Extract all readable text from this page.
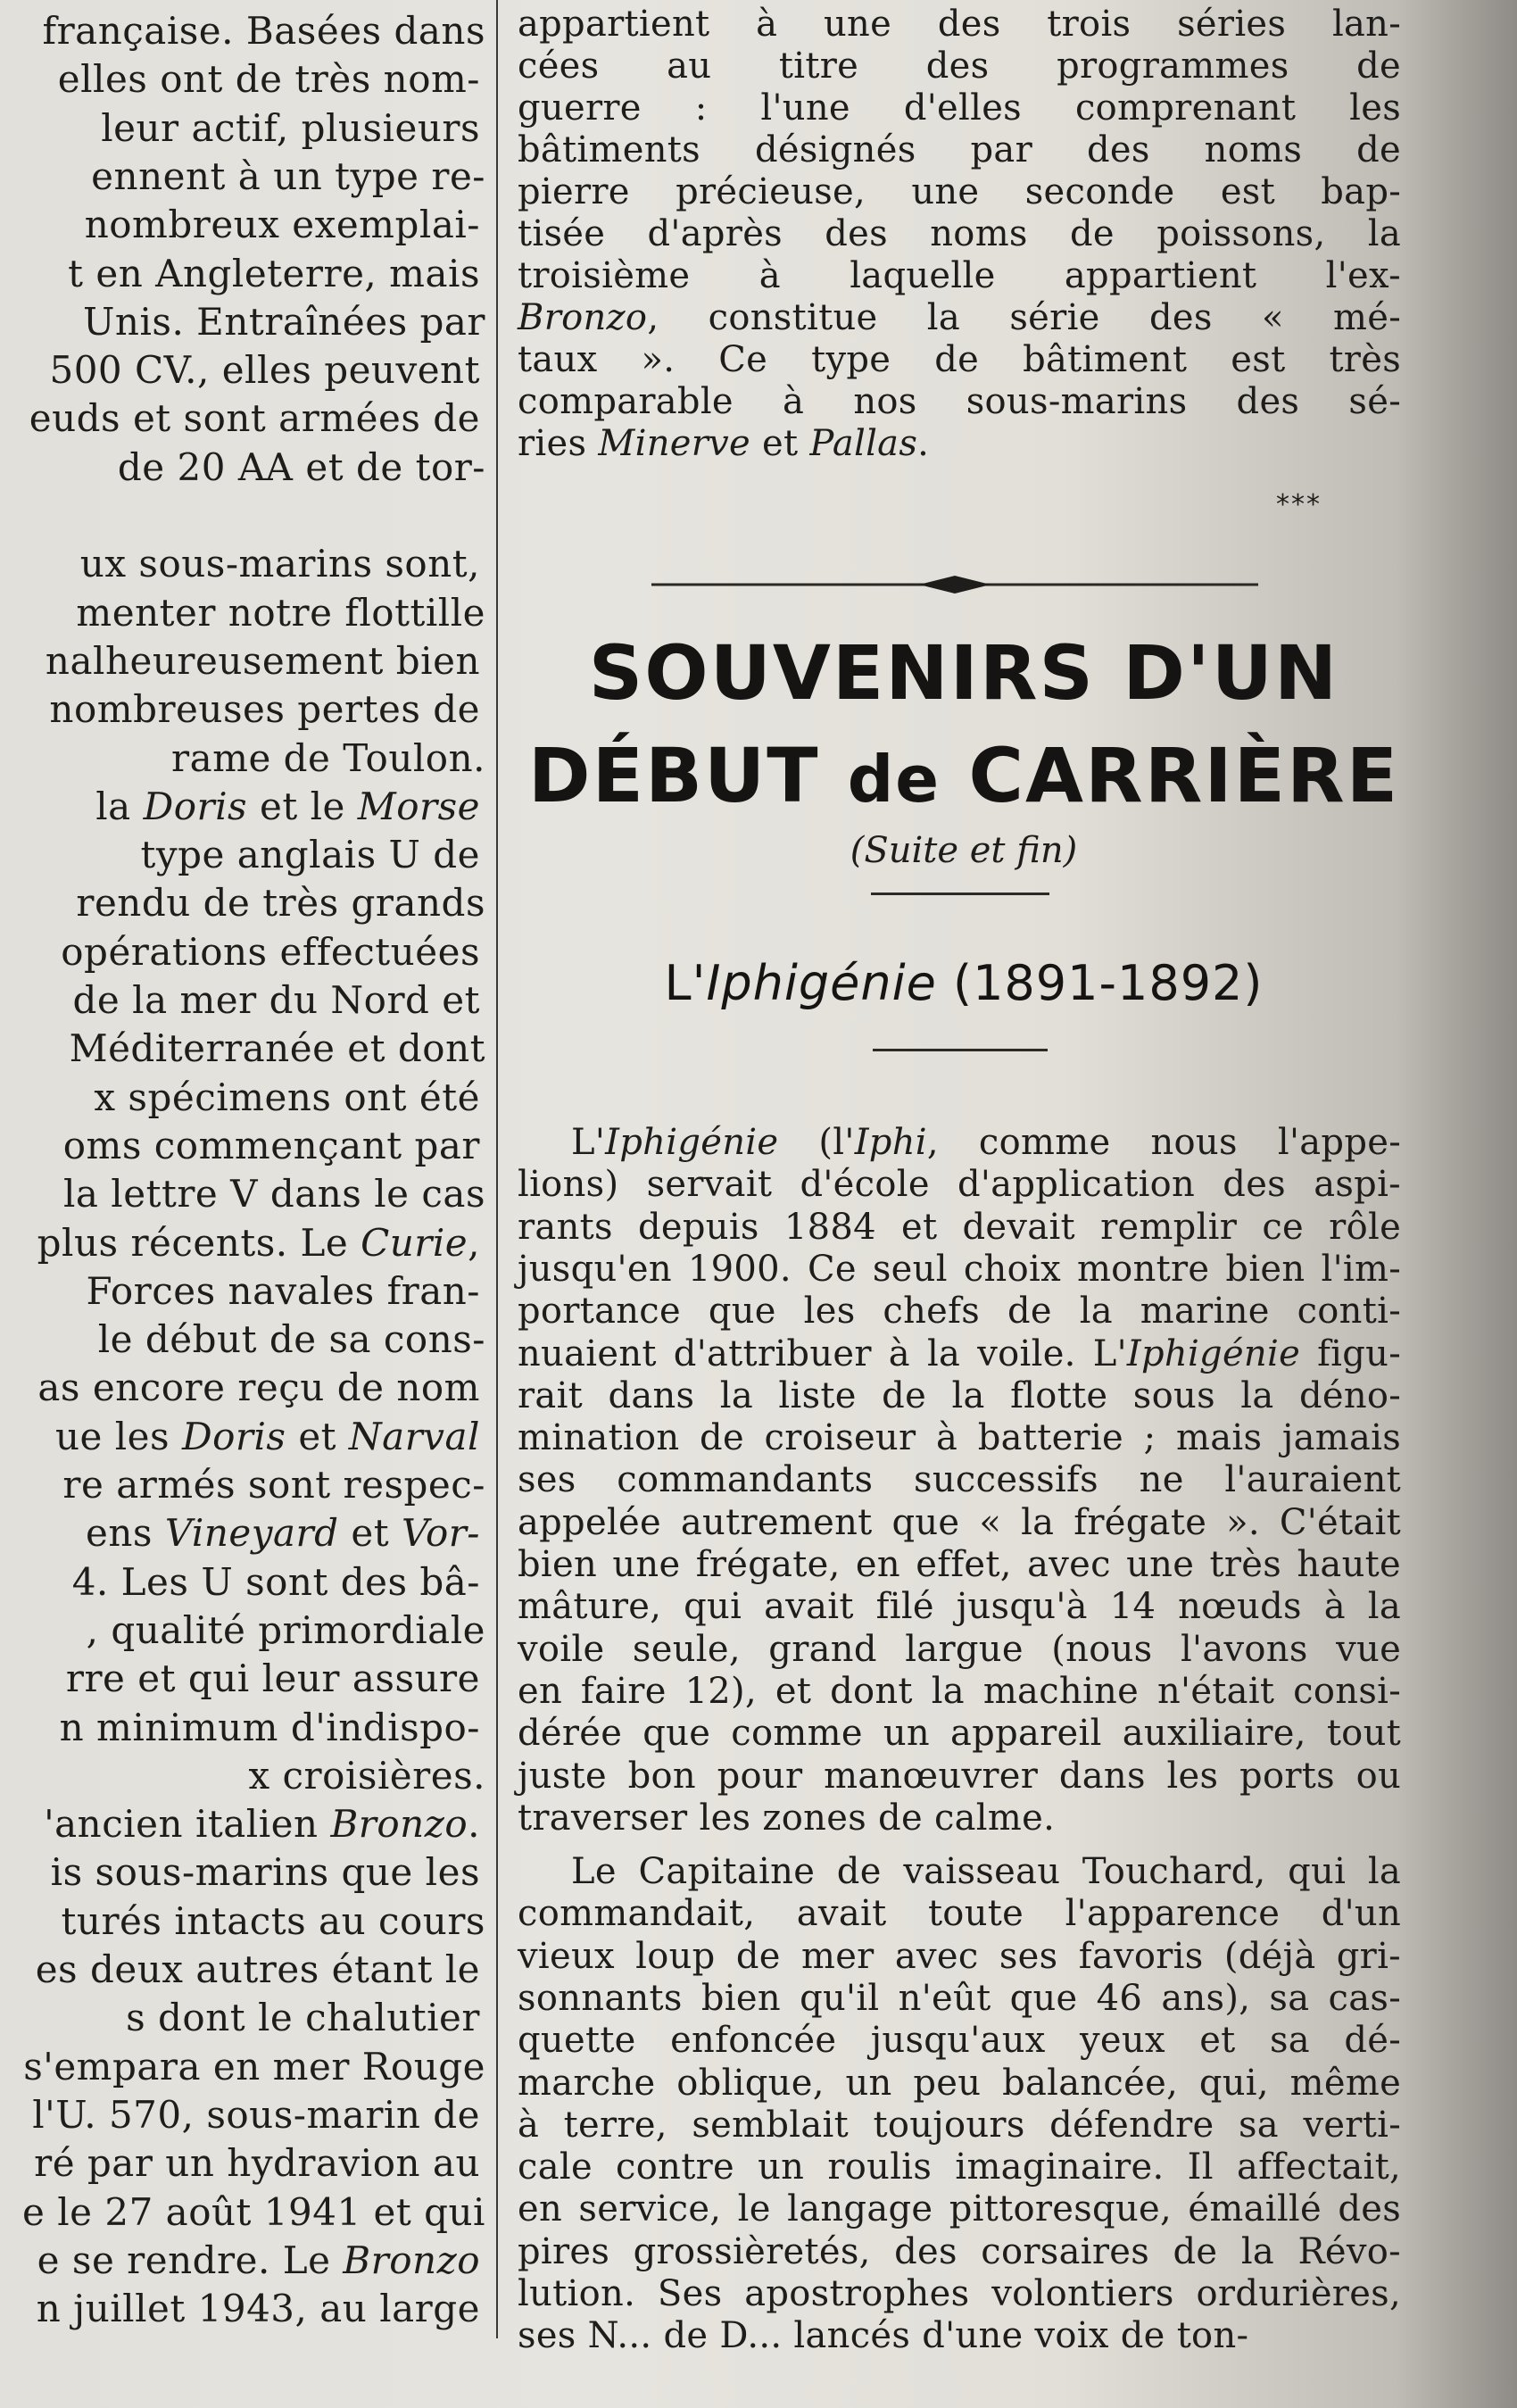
française. Basées dans
elles ont de très nom-
leur actif, plusieurs
ennent à un type re-
nombreux exemplai-
t en Angleterre, mais
Unis. Entraînées par
500 CV., elles peuvent
euds et sont armées de
de 20 AA et de tor-
ux sous-marins sont,
menter notre flottille
nalheureusement bien
nombreuses pertes de
rame de Toulon.
la Doris et le Morse
type anglais U de
rendu de très grands
opérations effectuées
de la mer du Nord et
Méditerranée et dont
x spécimens ont été
oms commençant par
la lettre V dans le cas
plus récents. Le Curie,
Forces navales fran-
le début de sa cons-
as encore reçu de nom
ue les Doris et Narval
re armés sont respec-
ens Vineyard et Vor-
4. Les U sont des bâ-
, qualité primordiale
rre et qui leur assure
n minimum d'indispo-
x croisières.
'ancien italien Bronzo.
is sous-marins que les
turés intacts au cours
es deux autres étant le
s dont le chalutier
s'empara en mer Rouge
l'U. 570, sous-marin de
ré par un hydravion au
e le 27 août 1941 et qui
e se rendre. Le Bronzo
n juillet 1943, au large
appartient à une des trois séries lan-
cées au titre des programmes de
guerre : l'une d'elles comprenant les
bâtiments désignés par des noms de
pierre précieuse, une seconde est bap-
tisée d'après des noms de poissons, la
troisième à laquelle appartient l'ex-
Bronzo, constitue la série des « mé-
taux ». Ce type de bâtiment est très
comparable à nos sous-marins des sé-
ries Minerve et Pallas.
***
SOUVENIRS D'UN
DÉBUT de CARRIÈRE
(Suite et fin)
L'Iphigénie (1891-1892)
L'Iphigénie (l'Iphi, comme nous l'appe-
lions) servait d'école d'application des aspi-
rants depuis 1884 et devait remplir ce rôle
jusqu'en 1900. Ce seul choix montre bien l'im-
portance que les chefs de la marine conti-
nuaient d'attribuer à la voile. L'Iphigénie figu-
rait dans la liste de la flotte sous la déno-
mination de croiseur à batterie ; mais jamais
ses commandants successifs ne l'auraient
appelée autrement que « la frégate ». C'était
bien une frégate, en effet, avec une très haute
mâture, qui avait filé jusqu'à 14 nœuds à la
voile seule, grand largue (nous l'avons vue
en faire 12), et dont la machine n'était consi-
dérée que comme un appareil auxiliaire, tout
juste bon pour manœuvrer dans les ports ou
traverser les zones de calme.
Le Capitaine de vaisseau Touchard, qui la
commandait, avait toute l'apparence d'un
vieux loup de mer avec ses favoris (déjà gri-
sonnants bien qu'il n'eût que 46 ans), sa cas-
quette enfoncée jusqu'aux yeux et sa dé-
marche oblique, un peu balancée, qui, même
à terre, semblait toujours défendre sa verti-
cale contre un roulis imaginaire. Il affectait,
en service, le langage pittoresque, émaillé des
pires grossièretés, des corsaires de la Révo-
lution. Ses apostrophes volontiers ordurières,
ses N... de D... lancés d'une voix de ton-
